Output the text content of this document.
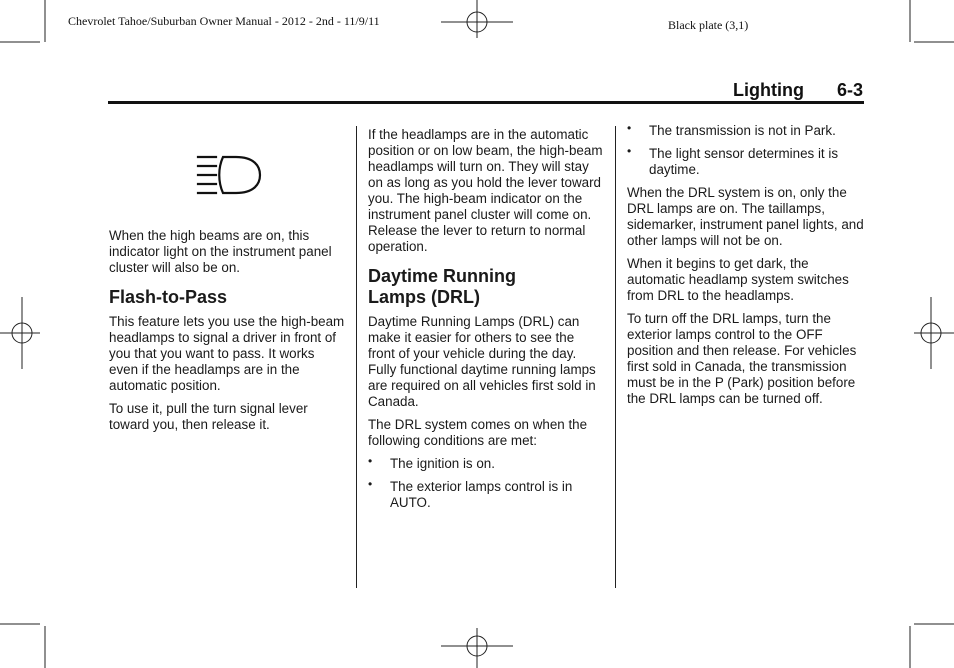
Chevrolet Tahoe/Suburban Owner Manual - 2012 - 2nd - 11/9/11	Black plate (3,1)
Lighting 6-3

When the high beams are on, this indicator light on the instrument panel cluster will also be on.

Flash-to-Pass

This feature lets you use the high-beam headlamps to signal a driver in front of you that you want to pass. It works even if the headlamps are in the automatic position.

To use it, pull the turn signal lever toward you, then release it.

If the headlamps are in the automatic position or on low beam, the high-beam headlamps will turn on. They will stay on as long as you hold the lever toward you. The high-beam indicator on the instrument panel cluster will come on. Release the lever to return to normal operation.

Daytime Running Lamps (DRL)

Daytime Running Lamps (DRL) can make it easier for others to see the front of your vehicle during the day. Fully functional daytime running lamps are required on all vehicles first sold in Canada.

The DRL system comes on when the following conditions are met:

• The ignition is on.
• The exterior lamps control is in AUTO.
• The transmission is not in Park.
• The light sensor determines it is daytime.

When the DRL system is on, only the DRL lamps are on. The taillamps, sidemarker, instrument panel lights, and other lamps will not be on.

When it begins to get dark, the automatic headlamp system switches from DRL to the headlamps.

To turn off the DRL lamps, turn the exterior lamps control to the OFF position and then release. For vehicles first sold in Canada, the transmission must be in the P (Park) position before the DRL lamps can be turned off.
